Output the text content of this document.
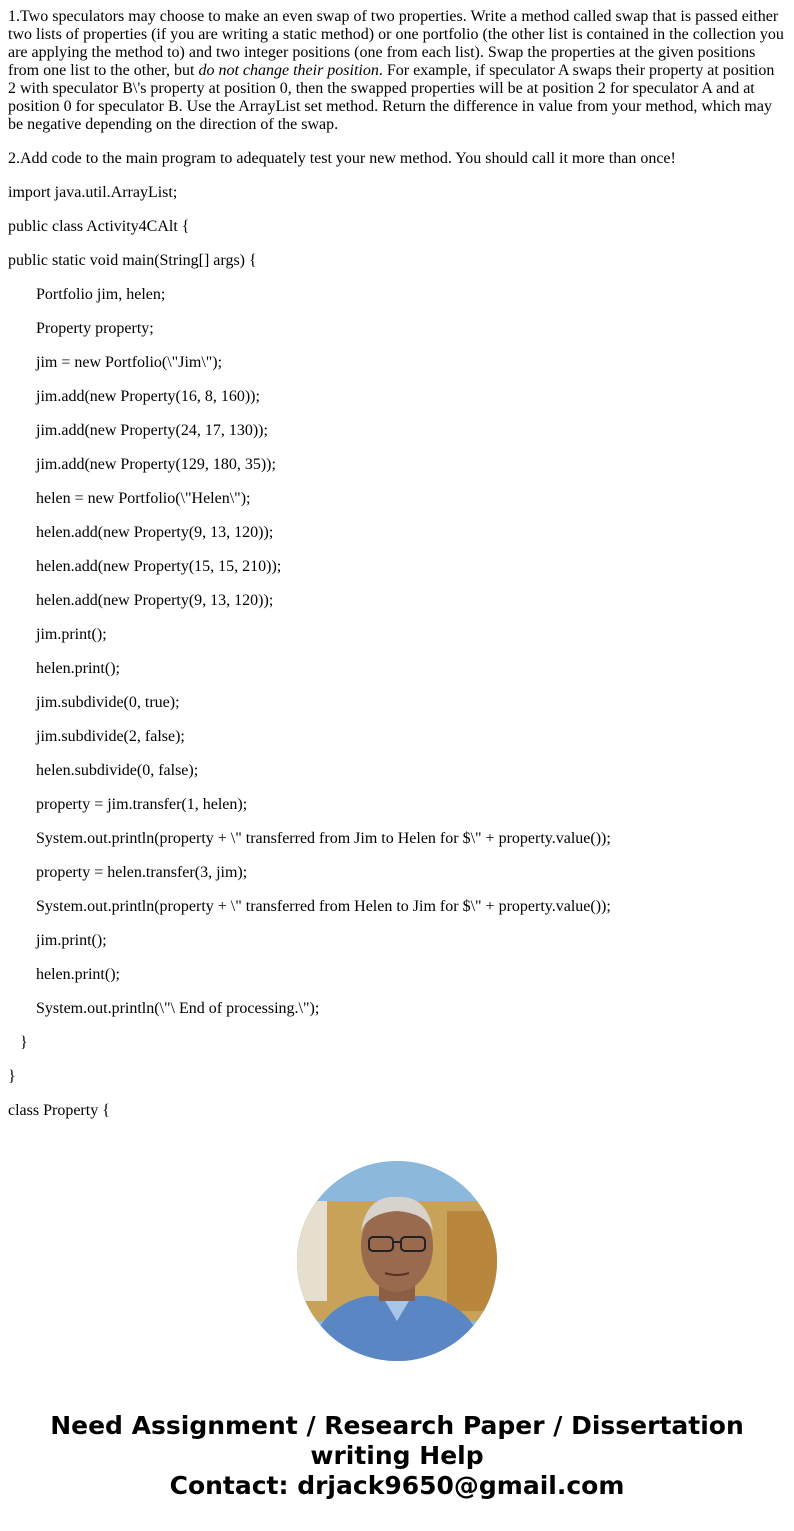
1.Two speculators may choose to make an even swap of two properties. Write a method called swap that is passed either two lists of properties (if you are writing a static method) or one portfolio (the other list is contained in the collection you are applying the method to) and two integer positions (one from each list). Swap the properties at the given positions from one list to the other, but do not change their position. For example, if speculator A swaps their property at position 2 with speculator B\'s property at position 0, then the swapped properties will be at position 2 for speculator A and at position 0 for speculator B. Use the ArrayList set method. Return the difference in value from your method, which may be negative depending on the direction of the swap.

2.Add code to the main program to adequately test your new method. You should call it more than once!

import java.util.ArrayList;

public class Activity4CAlt {

public static void main(String[] args) {

Portfolio jim, helen;

Property property;

jim = new Portfolio(\"Jim\");

jim.add(new Property(16, 8, 160));

jim.add(new Property(24, 17, 130));

jim.add(new Property(129, 180, 35));

helen = new Portfolio(\"Helen\");

helen.add(new Property(9, 13, 120));

helen.add(new Property(15, 15, 210));

helen.add(new Property(9, 13, 120));

jim.print();

helen.print();

jim.subdivide(0, true);

jim.subdivide(2, false);

helen.subdivide(0, false);

property = jim.transfer(1, helen);

System.out.println(property + \" transferred from Jim to Helen for $\" + property.value());

property = helen.transfer(3, jim);

System.out.println(property + \" transferred from Helen to Jim for $\" + property.value());

jim.print();

helen.print();

System.out.println(\"\ End of processing.\");

}

}

class Property {

Need Assignment / Research Paper / Dissertation
writing Help
Contact: drjack9650@gmail.com
